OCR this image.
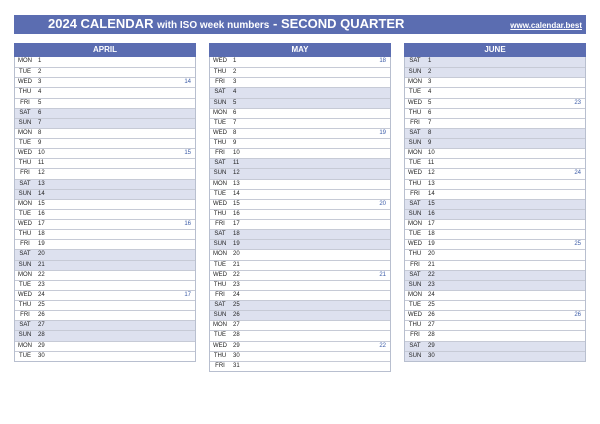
2024 CALENDAR with ISO week numbers - SECOND QUARTER	www.calendar.best
APRIL
MON 1
TUE	2
WED 3	14
THU	4
FRI	5
SAT	6
SUN 7
MON 8
TUE	9
WED 10	15
THU	11
FRI	12
SAT	13
SUN 14
MON 15
TUE	16
WED 17	16
THU	18
FRI	19
SAT	20
SUN 21
MON 22
TUE	23
WED 24	17
THU	25
FRI	26
SAT	27
SUN 28
MON 29
TUE	30
MAY
WED 1	18
THU	2
FRI	3
SAT	4
SUN 5
MON 6
TUE	7
WED 8	19
THU	9
FRI	10
SAT	11
SUN 12
MON 13
TUE	14
WED 15	20
THU	16
FRI	17
SAT	18
SUN 19
MON 20
TUE	21
WED 22	21
THU	23
FRI	24
SAT	25
SUN 26
MON 27
TUE	28
WED 29	22
THU	30
FRI	31
JUNE
SAT	1
SUN 2
MON 3
TUE	4
WED 5	23
THU	6
FRI	7
SAT	8
SUN 9
MON 10
TUE	11
WED 12	24
THU	13
FRI	14
SAT	15
SUN 16
MON 17
TUE	18
WED 19	25
THU	20
FRI	21
SAT	22
SUN 23
MON 24
TUE	25
WED 26	26
THU	27
FRI	28
SAT	29
SUN 30
